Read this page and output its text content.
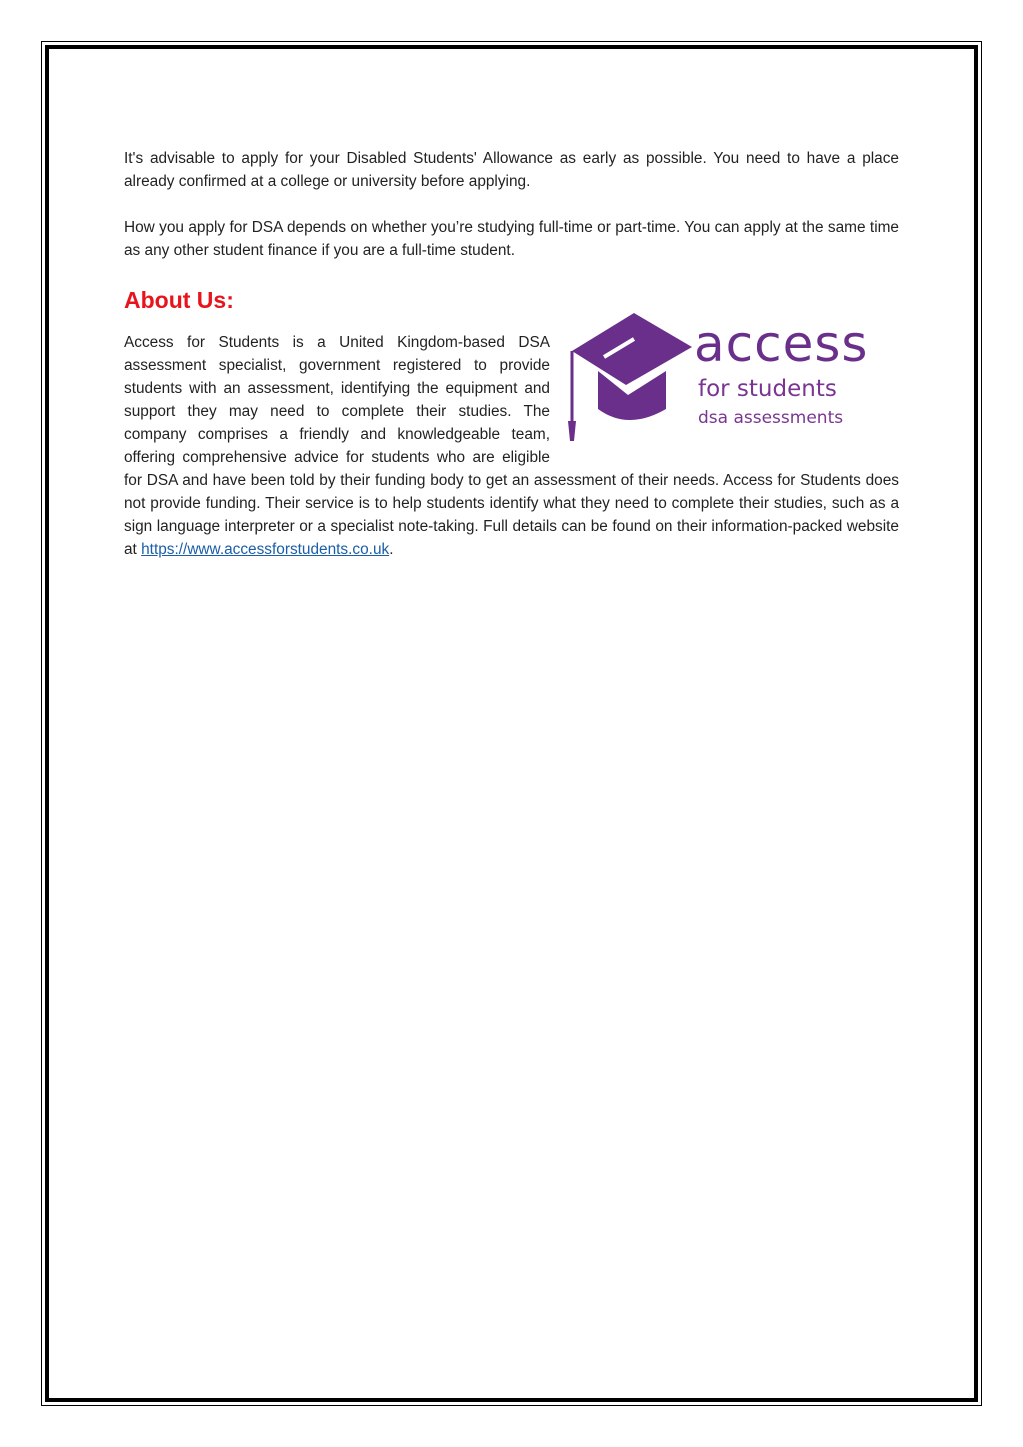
It's advisable to apply for your Disabled Students' Allowance as early as possible. You need to have a place already confirmed at a college or university before applying.

How you apply for DSA depends on whether you’re studying full-time or part-time. You can apply at the same time as any other student finance if you are a full-time student.

About Us:
access
for students
dsa assessments

Access for Students is a United Kingdom-based DSA assessment specialist, government registered to provide students with an assessment, identifying the equipment and support they may need to complete their studies. The company comprises a friendly and knowledgeable team, offering comprehensive advice for students who are eligible for DSA and have been told by their funding body to get an assessment of their needs. Access for Students does not provide funding. Their service is to help students identify what they need to complete their studies, such as a sign language interpreter or a specialist note-taking. Full details can be found on their information-packed website at https://www.accessforstudents.co.uk.
